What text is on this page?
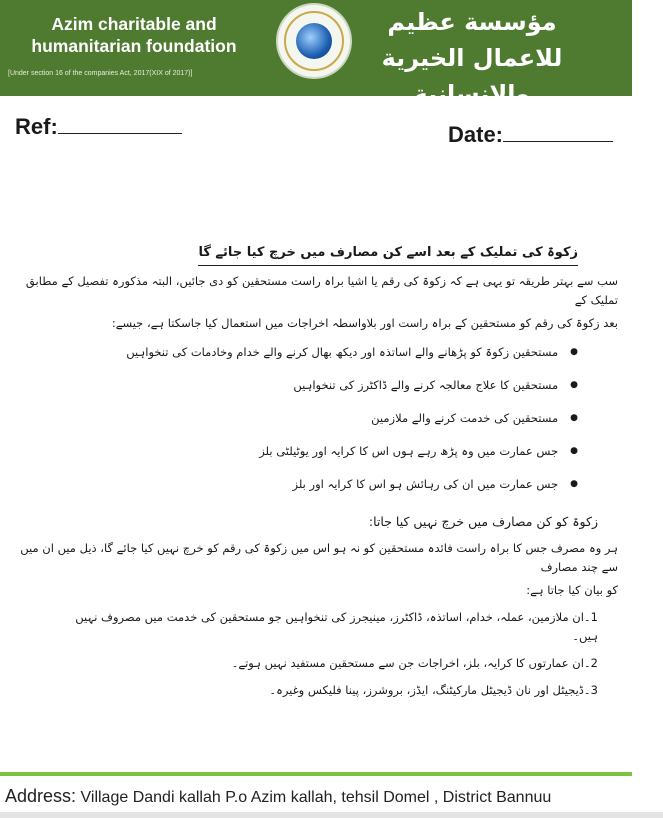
Azim charitable and humanitarian foundation
[Under section 16 of the companies Act, 2017(XIX of 2017)]
مؤسسة عظيم للاعمال الخيرية والانسانية
Ref:	Date:
زکوۃ کی تملیک کے بعد اسے کن مصارف میں خرچ کیا جائے گا
سب سے بہتر طریقہ تو یہی ہے کہ زکوۃ کی رقم یا اشیا براہ راست مستحقین کو دی جائیں، البتہ مذکورہ تفصیل کے مطابق تملیک کے
بعد زکوۃ کی رقم کو مستحقین کے براہ راست اور بلاواسطہ اخراجات میں استعمال کیا جاسکتا ہے، جیسے:
● مستحقین زکوۃ کو پڑھانے والے اساتذہ اور دیکھ بھال کرنے والے خدام وخادمات کی تنخواہیں
● مستحقین کا علاج معالجہ کرنے والے ڈاکٹرز کی تنخواہیں
● مستحقین کی خدمت کرنے والے ملازمین
● جس عمارت میں وہ پڑھ رہے ہوں اس کا کرایہ اور یوٹیلٹی بلز
● جس عمارت میں ان کی رہائش ہو اس کا کرایہ اور بلز
زکوۃ کو کن مصارف میں خرچ نہیں کیا جاتا:
ہر وہ مصرف جس کا براہ راست فائدہ مستحقین کو نہ ہو اس میں زکوۃ کی رقم کو خرچ نہیں کیا جائے گا، ذیل میں ان میں سے چند مصارف
کو بیان کیا جاتا ہے:
1۔ان ملازمین، عملہ، خدام، اساتذہ، ڈاکٹرز، مینیجرز کی تنخواہیں جو مستحقین کی خدمت میں مصروف نہیں ہیں۔
2۔ان عمارتوں کا کرایہ، بلز، اخراجات جن سے مستحقین مستفید نہیں ہوتے۔
3۔ڈیجیٹل اور نان ڈیجیٹل مارکیٹنگ، ایڈز، بروشرز، پینا فلیکس وغیرہ۔
Address: Village Dandi kallah P.o Azim kallah, tehsil Domel , District Bannuu
